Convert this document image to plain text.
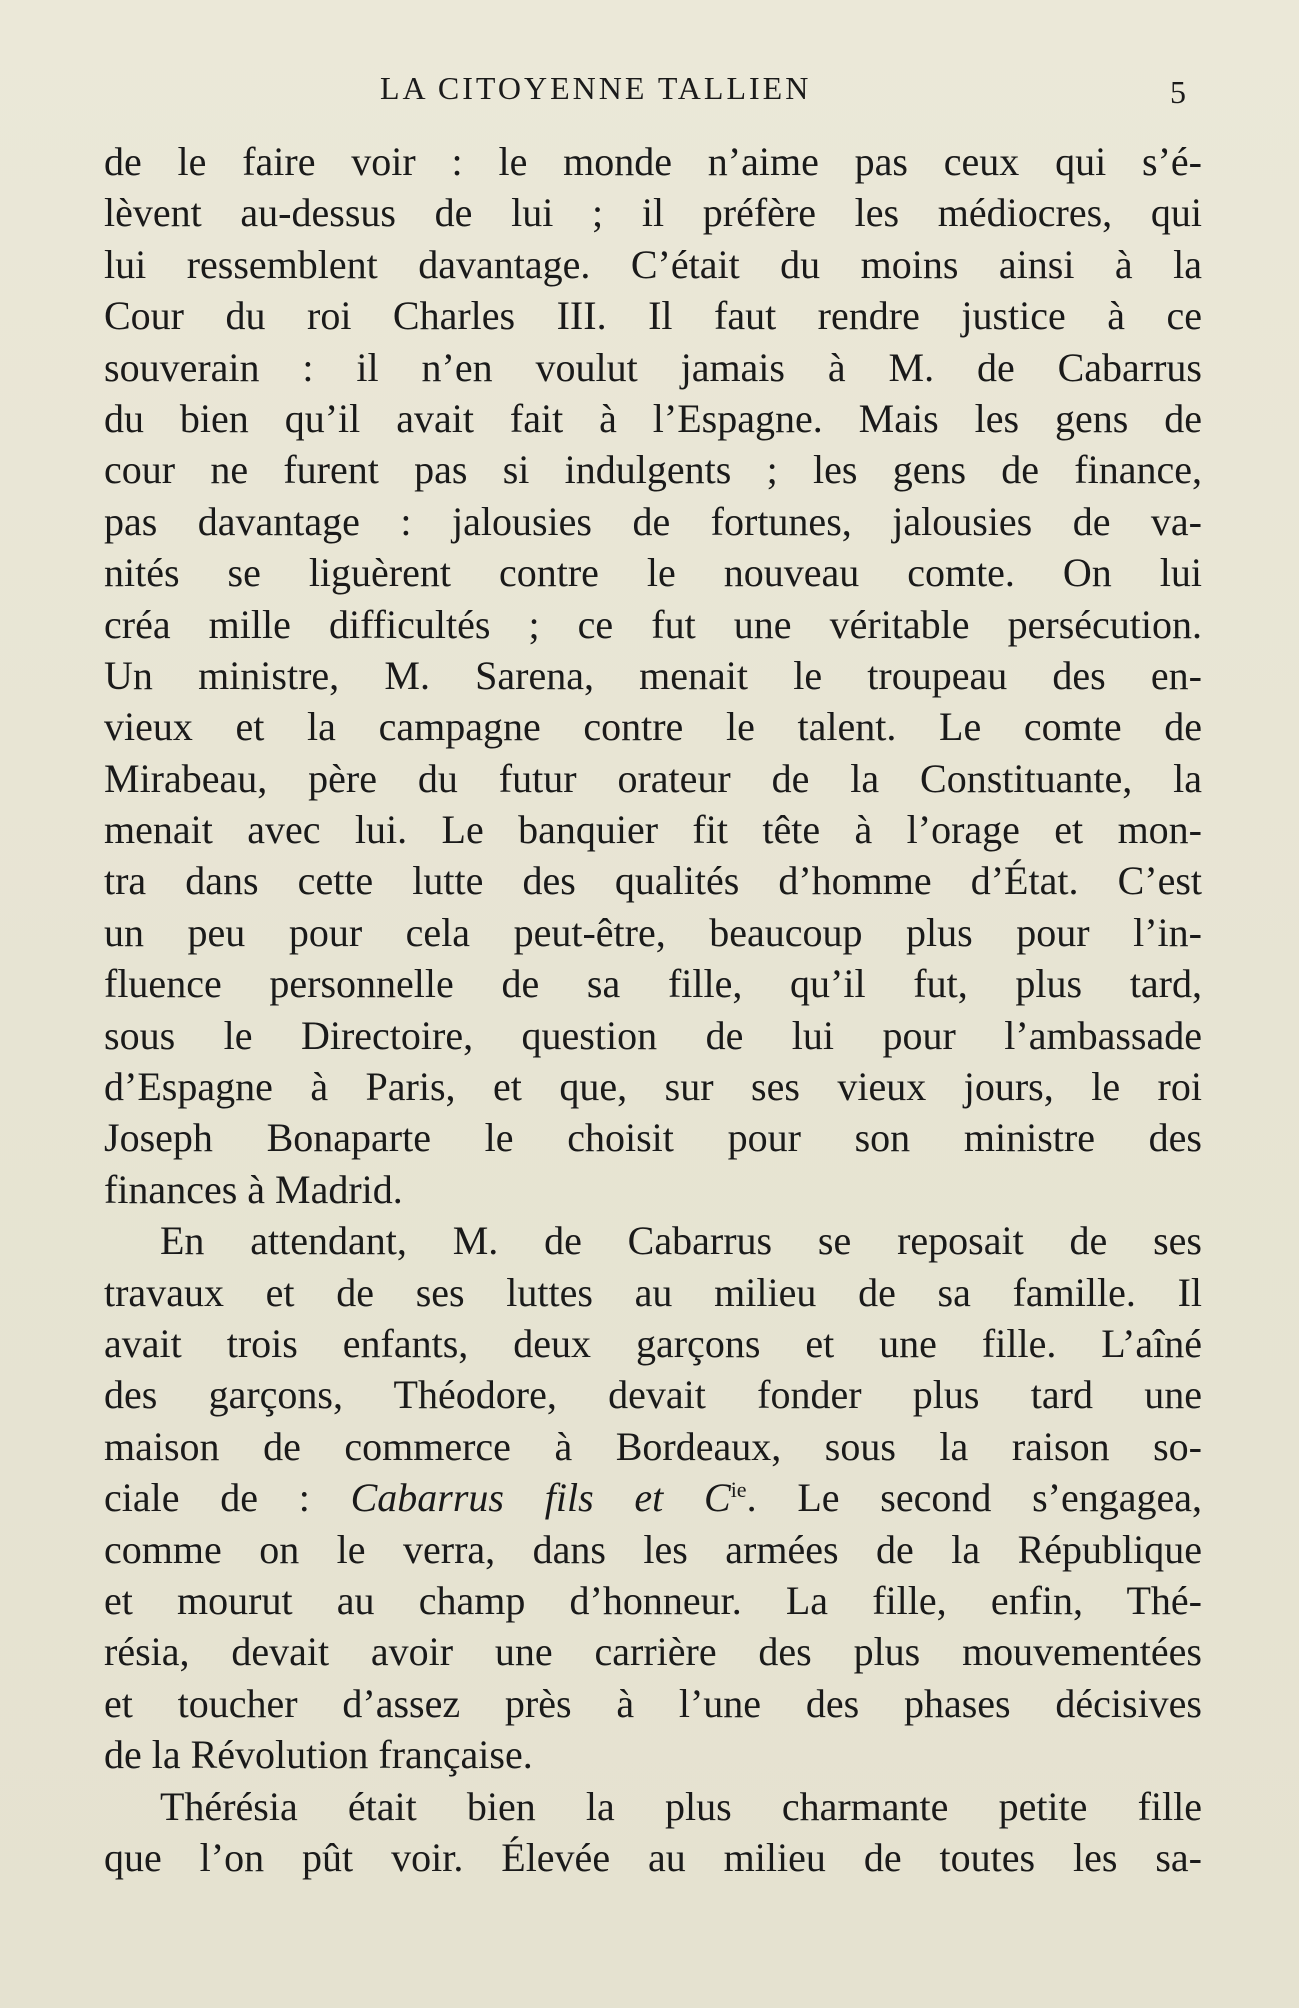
LA CITOYENNE TALLIEN	5
de le faire voir : le monde n’aime pas ceux qui s’é-
lèvent au-dessus de lui ; il préfère les médiocres, qui
lui ressemblent davantage. C’était du moins ainsi à la
Cour du roi Charles III. Il faut rendre justice à ce
souverain : il n’en voulut jamais à M. de Cabarrus
du bien qu’il avait fait à l’Espagne. Mais les gens de
cour ne furent pas si indulgents ; les gens de finance,
pas davantage : jalousies de fortunes, jalousies de va-
nités se liguèrent contre le nouveau comte. On lui
créa mille difficultés ; ce fut une véritable persécution.
Un ministre, M. Sarena, menait le troupeau des en-
vieux et la campagne contre le talent. Le comte de
Mirabeau, père du futur orateur de la Constituante, la
menait avec lui. Le banquier fit tête à l’orage et mon-
tra dans cette lutte des qualités d’homme d’État. C’est
un peu pour cela peut-être, beaucoup plus pour l’in-
fluence personnelle de sa fille, qu’il fut, plus tard,
sous le Directoire, question de lui pour l’ambassade
d’Espagne à Paris, et que, sur ses vieux jours, le roi
Joseph Bonaparte le choisit pour son ministre des
finances à Madrid.
En attendant, M. de Cabarrus se reposait de ses
travaux et de ses luttes au milieu de sa famille. Il
avait trois enfants, deux garçons et une fille. L’aîné
des garçons, Théodore, devait fonder plus tard une
maison de commerce à Bordeaux, sous la raison so-
ciale de : Cabarrus fils et $C^{ie}$. Le second s’engagea,
comme on le verra, dans les armées de la République
et mourut au champ d’honneur. La fille, enfin, Thé-
résia, devait avoir une carrière des plus mouvementées
et toucher d’assez près à l’une des phases décisives
de la Révolution française.
Thérésia était bien la plus charmante petite fille
que l’on pût voir. Élevée au milieu de toutes les sa-
